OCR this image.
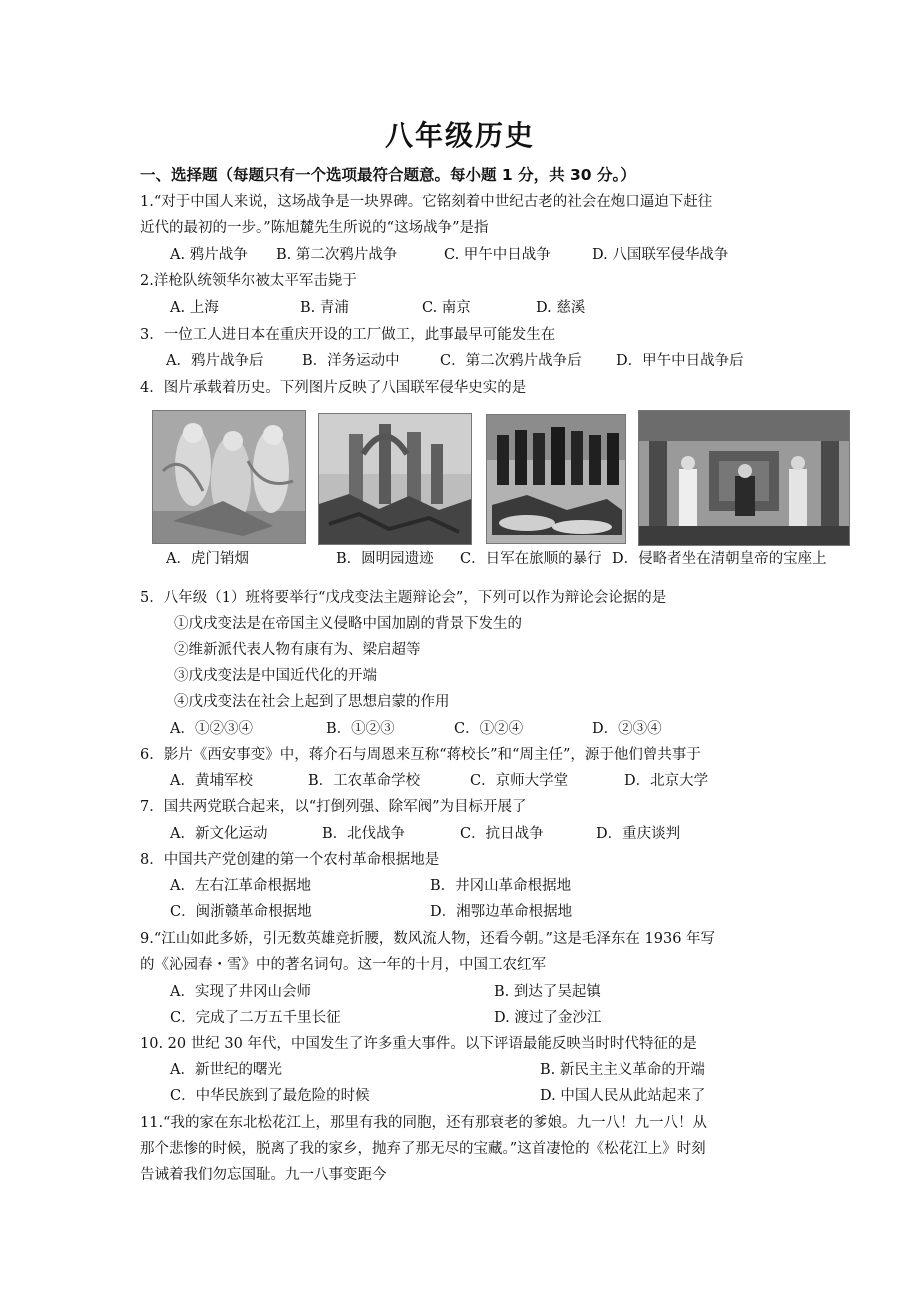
八年级历史
一、选择题（每题只有一个选项最符合题意。每小题 1 分，共 30 分。）
1.“对于中国人来说，这场战争是一块界碑。它铭刻着中世纪古老的社会在炮口逼迫下赶往
近代的最初的一步。”陈旭麓先生所说的“这场战争”是指
A. 鸦片战争 B. 第二次鸦片战争	C. 甲午中日战争	D. 八国联军侵华战争
2.洋枪队统领华尔被太平军击毙于
A. 上海	B. 青浦	C. 南京	D. 慈溪
3．一位工人进日本在重庆开设的工厂做工，此事最早可能发生在
A．鸦片战争后	B．洋务运动中	C．第二次鸦片战争后 D．甲午中日战争后
4．图片承载着历史。下列图片反映了八国联军侵华史实的是
A．虎门销烟	B．圆明园遗迹 C．日军在旅顺的暴行 D．侵略者坐在清朝皇帝的宝座上
5．八年级（1）班将要举行“戊戌变法主题辩论会”，下列可以作为辩论会论据的是
①戊戌变法是在帝国主义侵略中国加剧的背景下发生的
②维新派代表人物有康有为、梁启超等
③戊戌变法是中国近代化的开端
④戊戌变法在社会上起到了思想启蒙的作用
A．①②③④	B．①②③	C．①②④	D．②③④
6．影片《西安事变》中，蒋介石与周恩来互称“蒋校长”和“周主任”，源于他们曾共事于
A．黄埔军校	B．工农革命学校	C．京师大学堂	D．北京大学
7．国共两党联合起来，以“打倒列强、除军阀”为目标开展了
A．新文化运动	B．北伐战争	C．抗日战争	D．重庆谈判
8．中国共产党创建的第一个农村革命根据地是
A．左右江革命根据地	B．井冈山革命根据地
C．闽浙赣革命根据地	D．湘鄂边革命根据地
9.“江山如此多娇，引无数英雄竞折腰，数风流人物，还看今朝。”这是毛泽东在 1936 年写
的《沁园春・雪》中的著名词句。这一年的十月，中国工农红军
A．实现了井冈山会师	B. 到达了吴起镇
C．完成了二万五千里长征	D. 渡过了金沙江
10. 20 世纪 30 年代，中国发生了许多重大事件。以下评语最能反映当时时代特征的是
A．新世纪的曙光	B. 新民主主义革命的开端
C．中华民族到了最危险的时候	D. 中国人民从此站起来了
11.“我的家在东北松花江上，那里有我的同胞，还有那衰老的爹娘。九一八！九一八！从
那个悲惨的时候，脱离了我的家乡，抛弃了那无尽的宝藏。”这首凄怆的《松花江上》时刻
告诫着我们勿忘国耻。九一八事变距今
